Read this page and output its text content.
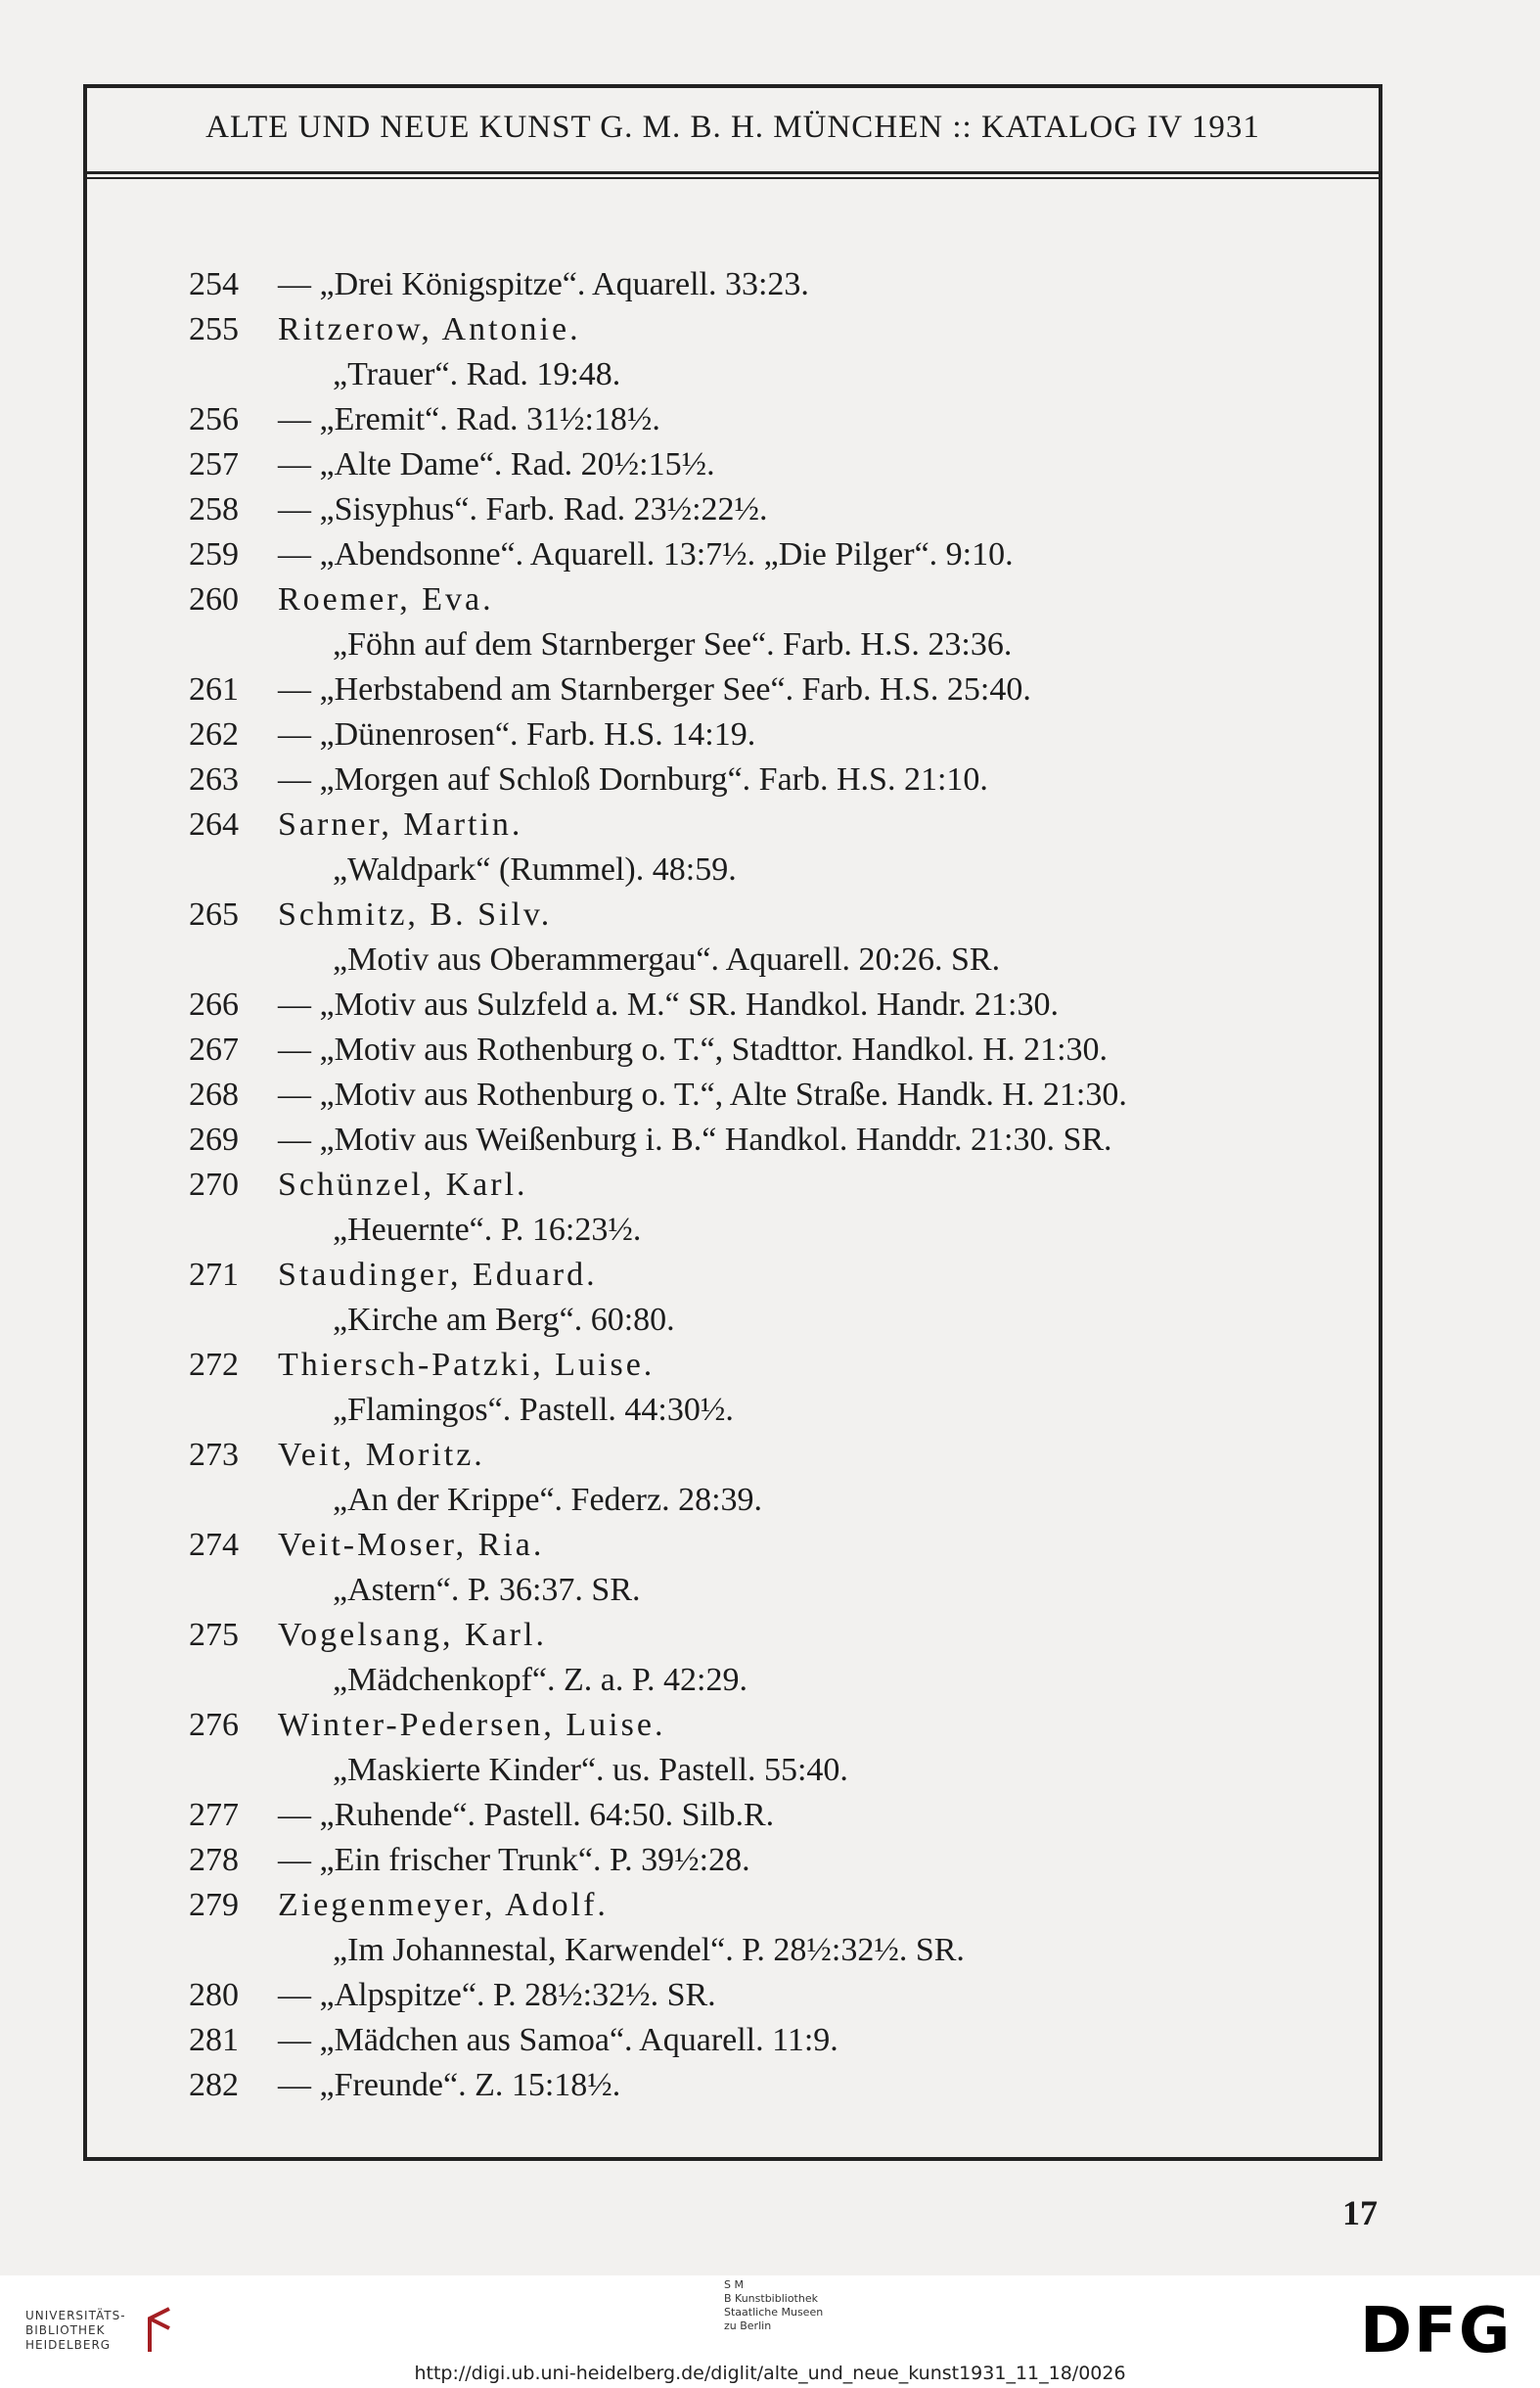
ALTE UND NEUE KUNST G. M. B. H. MÜNCHEN :: KATALOG IV 1931
254	— „Drei Königspitze“. Aquarell. 33:23.
255	Ritzerow, Antonie.
„Trauer“. Rad. 19:48.
256	— „Eremit“. Rad. 31½:18½.
257	— „Alte Dame“. Rad. 20½:15½.
258	— „Sisyphus“. Farb. Rad. 23½:22½.
259	— „Abendsonne“. Aquarell. 13:7½. „Die Pilger“. 9:10.
260	Roemer, Eva.
„Föhn auf dem Starnberger See“. Farb. H.S. 23:36.
261	— „Herbstabend am Starnberger See“. Farb. H.S. 25:40.
262	— „Dünenrosen“. Farb. H.S. 14:19.
263	— „Morgen auf Schloß Dornburg“. Farb. H.S. 21:10.
264	Sarner, Martin.
„Waldpark“ (Rummel). 48:59.
265	Schmitz, B. Silv.
„Motiv aus Oberammergau“. Aquarell. 20:26. SR.
266	— „Motiv aus Sulzfeld a. M.“ SR. Handkol. Handr. 21:30.
267	— „Motiv aus Rothenburg o. T.“, Stadttor. Handkol. H. 21:30.
268	— „Motiv aus Rothenburg o. T.“, Alte Straße. Handk. H. 21:30.
269	— „Motiv aus Weißenburg i. B.“ Handkol. Handdr. 21:30. SR.
270	Schünzel, Karl.
„Heuernte“. P. 16:23½.
271	Staudinger, Eduard.
„Kirche am Berg“. 60:80.
272	Thiersch-Patzki, Luise.
„Flamingos“. Pastell. 44:30½.
273	Veit, Moritz.
„An der Krippe“. Federz. 28:39.
274	Veit-Moser, Ria.
„Astern“. P. 36:37. SR.
275	Vogelsang, Karl.
„Mädchenkopf“. Z. a. P. 42:29.
276	Winter-Pedersen, Luise.
„Maskierte Kinder“. us. Pastell. 55:40.
277	— „Ruhende“. Pastell. 64:50. Silb.R.
278	— „Ein frischer Trunk“. P. 39½:28.
279	Ziegenmeyer, Adolf.
„Im Johannestal, Karwendel“. P. 28½:32½. SR.
280	— „Alpspitze“. P. 28½:32½. SR.
281	— „Mädchen aus Samoa“. Aquarell. 11:9.
282	— „Freunde“. Z. 15:18½.
17
UNIVERSITÄTS-
BIBLIOTHEK
HEIDELBERG
S M
B Kunstbibliothek
Staatliche Museen
zu Berlin	DFG
http://digi.ub.uni-heidelberg.de/diglit/alte_und_neue_kunst1931_11_18/0026
